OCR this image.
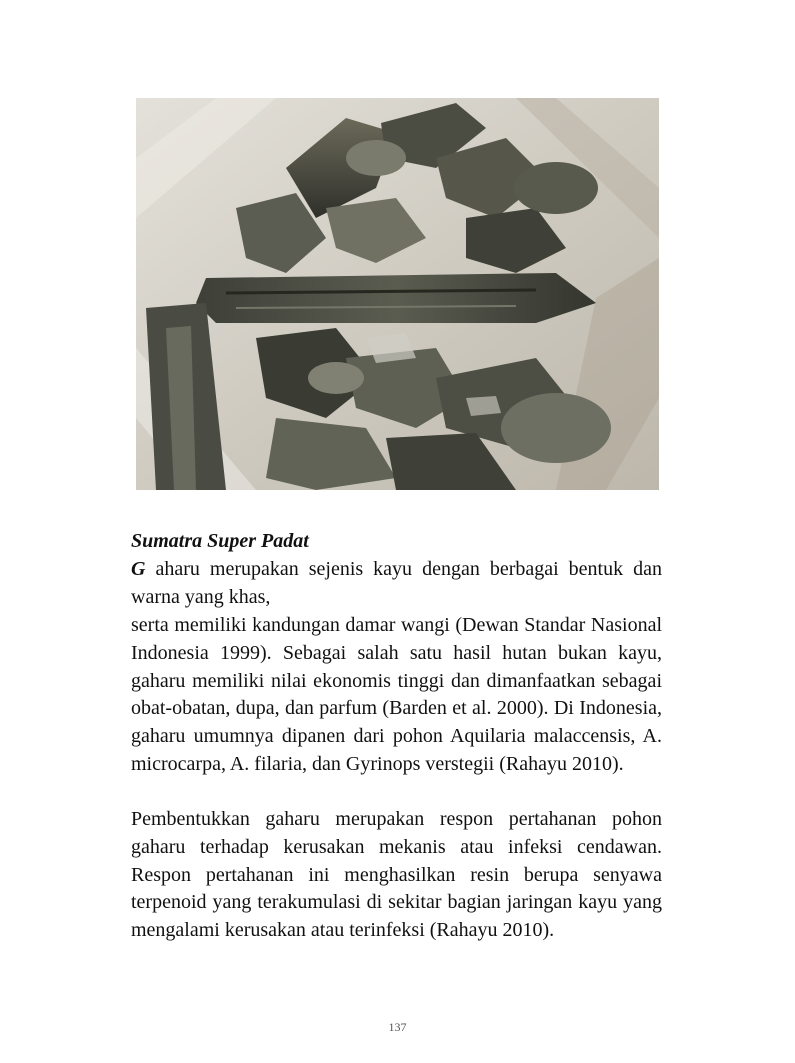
Sumatra Super Padat

G aharu merupakan sejenis kayu dengan berbagai bentuk dan warna yang khas,

serta memiliki kandungan damar wangi (Dewan Standar Nasional Indonesia 1999). Sebagai salah satu hasil hutan bukan kayu, gaharu memiliki nilai ekonomis tinggi dan dimanfaatkan sebagai obat-obatan, dupa, dan parfum (Barden et al. 2000). Di Indonesia, gaharu umumnya dipanen dari pohon Aquilaria malaccensis, A. microcarpa, A. filaria, dan Gyrinops verstegii (Rahayu 2010).

Pembentukkan gaharu merupakan respon pertahanan pohon gaharu terhadap kerusakan mekanis atau infeksi cendawan. Respon pertahanan ini menghasilkan resin berupa senyawa terpenoid yang terakumulasi di sekitar bagian jaringan kayu yang mengalami kerusakan atau terinfeksi (Rahayu 2010).

137
